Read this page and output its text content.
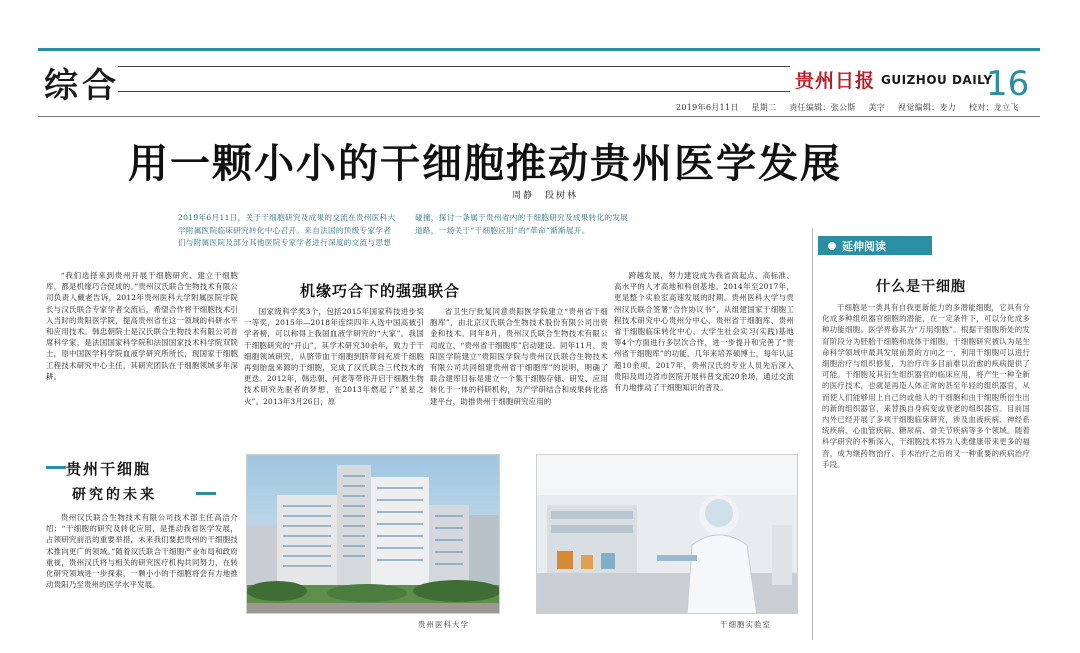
综合	贵州日报 GUIZHOU DAILY
16
2019年6月11日 星期二 责任编辑：张公斯 美字 视觉编辑：麦力 校对：龙立飞
用一颗小小的干细胞推动贵州医学发展
周静　段树林
2019年6月11日，关于干细胞研究及成果的交流在贵州医科大学附属医院临床研究转化中心召开。来自法国的顶级专家学者们与附属医院及部分其他医院专家学者进行深度的交流与思想碰撞，探讨一条属于贵州省内的干细胞研究及成果转化的发展道路，一场关于“干细胞应用”的“革命”渐渐展开。
延伸阅读
机缘巧合下的强强联合	什么是干细胞

“我们选择来到贵州开展干细胞研究、建立干细胞库，都是机缘巧合促成的。”贵州汉氏联合生物技术有限公司负责人戴老告诉，2012年贵州医科大学附属医院学院长与汉氏联合专家学者交流后，希望合作将干细胞技术引入当时的贵阳医学院，提高贵州省在这一领域的科研水平和应用技术。韩忠朝院士是汉氏联合生物技术有限公司首席科学家，是法国国家科学院和法国国家技术科学院双院士，原中国医学科学院血液学研究所所长，现国家干细胞工程技术研究中心主任，其研究团队在干细胞领域多年深耕。

国家级科学奖3个，包括2015年国家科技进步奖一等奖，2015年—2018年连续四年入选中国高被引学者榜，可以称得上我国血液学研究的“大家”。我国干细胞研究的“开山”，其学术研究30余年，致力于干细胞领域研究，从脐带血干细胞到脐带间充质干细胞再到胎盘来源的干细胞，完成了汉氏联合三代技术的更迭。2012年，韩忠朝、何老等带你开启干细胞生物技术研究先驱者的梦想，在2013年燃起了“星星之火”。2013年3月26日，原

省卫生厅批复同意贵阳医学院建立“贵州省干细胞库”，由北京汉氏联合生物技术股份有限公司出资金和技术。同年8月，贵州汉氏联合生物技术有限公司成立，“贵州省干细胞库”启动建设。同年11月，贵阳医学院建立“贵阳医学院与贵州汉氏联合生物技术有限公司共同组建贵州省干细胞库”的说明，明确了联合建库目标是建立一个集干细胞存储、研发、应用转化于一体的科研机构，为产学研结合和成果转化搭建平台，助推贵州干细胞研究应用的

跨越发展，努力建设成为我省高起点、高标准、高水平的人才高地和科创基地。2014年至2017年，更是整个实验室高速发展的时期。贵州医科大学与贵州汉氏联合签署“合作协议书”，从组建国家干细胞工程技术研究中心贵州分中心、贵州省干细胞库、贵州省干细胞临床转化中心、大学生社会实习(实践)基地等4个方面进行多层次合作，进一步提升和完善了“贵州省干细胞库”的功能，几年来培养硕博士，每年认证超10余项。2017年，贵州汉氏的专业人员先后深入贵阳及周边省市医院开展科普交流20余场，通过交流有力地推动了干细胞知识的普及。

干细胞是一类具有自我更新能力的多潜能细胞，它具有分化成多种组织器官细胞的潜能，在一定条件下，可以分化成多种功能细胞。医学界称其为“万用细胞”。根据干细胞所处的发育阶段分为胚胎干细胞和成体干细胞。干细胞研究被认为是生命科学领域中最具发展前景的方向之一，利用干细胞可以进行细胞治疗与组织修复，为治疗许多目前难以治愈的疾病提供了可能。干细胞及其衍生组织器官的临床应用，将产生一种全新的医疗技术，也就是再造人体正常的甚至年轻的组织器官，从而使人们能够用上自己的或他人的干细胞和由干细胞所衍生出的新的组织器官，来替换自身病变或衰老的组织器官。目前国内外已经开展了多项干细胞临床研究，涉及血液疾病、神经系统疾病、心血管疾病、糖尿病、骨关节疾病等多个领域。随着科学研究的不断深入，干细胞技术将为人类健康带来更多的福音，成为继药物治疗、手术治疗之后的又一种重要的疾病治疗手段。

贵州干细胞
研究的未来

贵州汉氏联合生物技术有限公司技术部主任高洁介绍：“干细胞的研究及转化应用，是推动我省医学发展，占领研究前沿的重要举措，未来我们要把贵州的干细胞技术推向更广的领域。”随着汉氏联合干细胞产业布局和政府重视，贵州汉氏将与相关的研究医疗机构共同努力，在转化研究领域进一步探索，一颗小小的干细胞将会有力地推动贵阳乃至贵州的医学水平发展。

贵州医科大学	干细胞实验室
